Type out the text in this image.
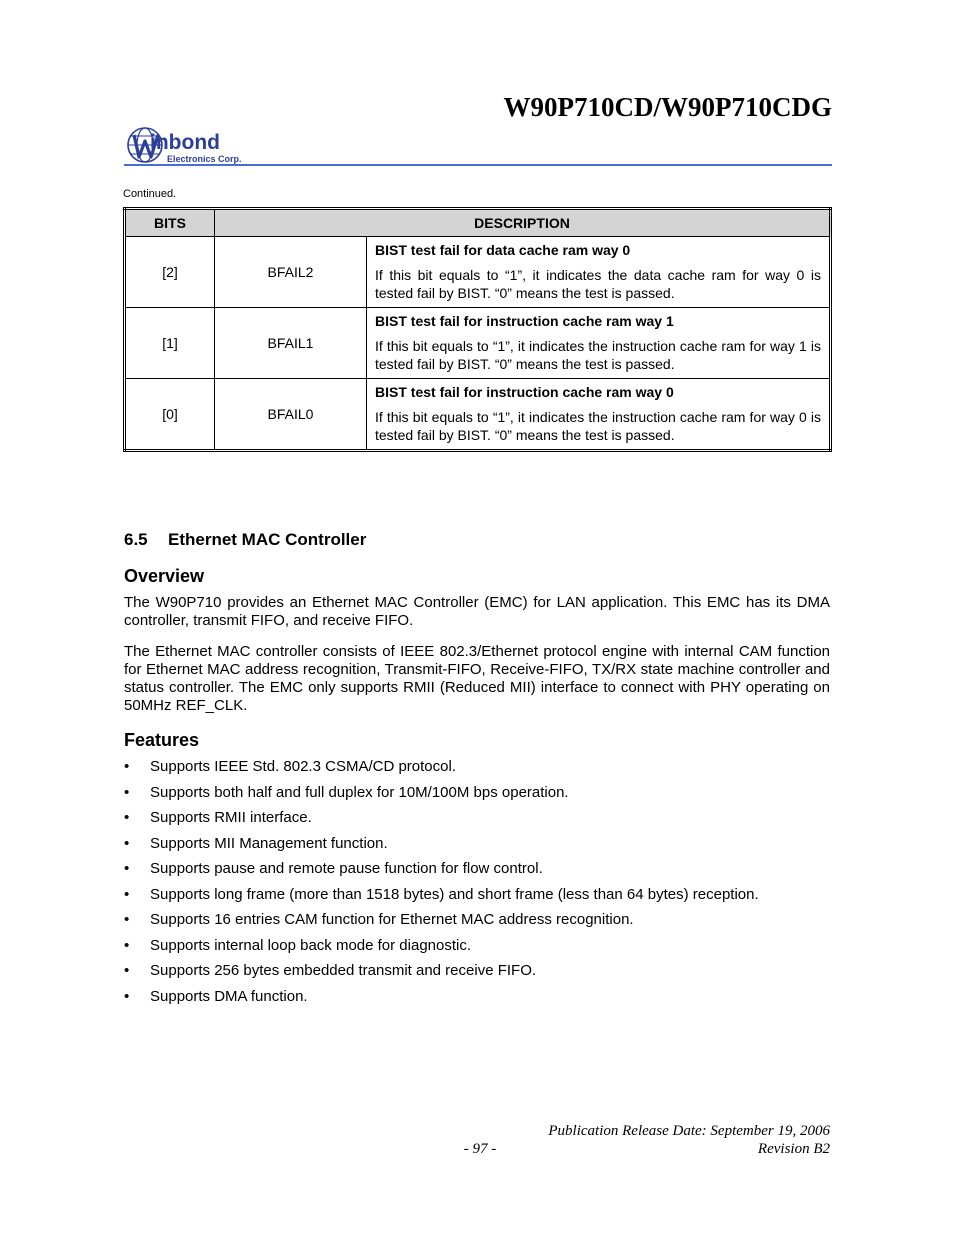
W90P710CD/W90P710CDG
inbond
Electronics Corp.
Continued.
BITS	DESCRIPTION	
[2]	BFAIL2	BIST test fail for data cache ram way 0

If this bit equals to “1”, it indicates the data cache ram for way 0 is tested fail by BIST. “0” means the test is passed.

[1]	BFAIL1	BIST test fail for instruction cache ram way 1

If this bit equals to “1”, it indicates the instruction cache ram for way 1 is tested fail by BIST. “0” means the test is passed.

[0]	BFAIL0	BIST test fail for instruction cache ram way 0

If this bit equals to “1”, it indicates the instruction cache ram for way 0 is tested fail by BIST. “0” means the test is passed.

6.5 Ethernet MAC Controller
Overview
The W90P710 provides an Ethernet MAC Controller (EMC) for LAN application. This EMC has its DMA controller, transmit FIFO, and receive FIFO.
The Ethernet MAC controller consists of IEEE 802.3/Ethernet protocol engine with internal CAM function for Ethernet MAC address recognition, Transmit-FIFO, Receive-FIFO, TX/RX state machine controller and status controller. The EMC only supports RMII (Reduced MII) interface to connect with PHY operating on 50MHz REF_CLK.
Features
• Supports IEEE Std. 802.3 CSMA/CD protocol.
• Supports both half and full duplex for 10M/100M bps operation.
• Supports RMII interface.
• Supports MII Management function.
• Supports pause and remote pause function for flow control.
• Supports long frame (more than 1518 bytes) and short frame (less than 64 bytes) reception.
• Supports 16 entries CAM function for Ethernet MAC address recognition.
• Supports internal loop back mode for diagnostic.
• Supports 256 bytes embedded transmit and receive FIFO.
• Supports DMA function.
Publication Release Date: September 19, 2006
- 97 -	Revision B2
